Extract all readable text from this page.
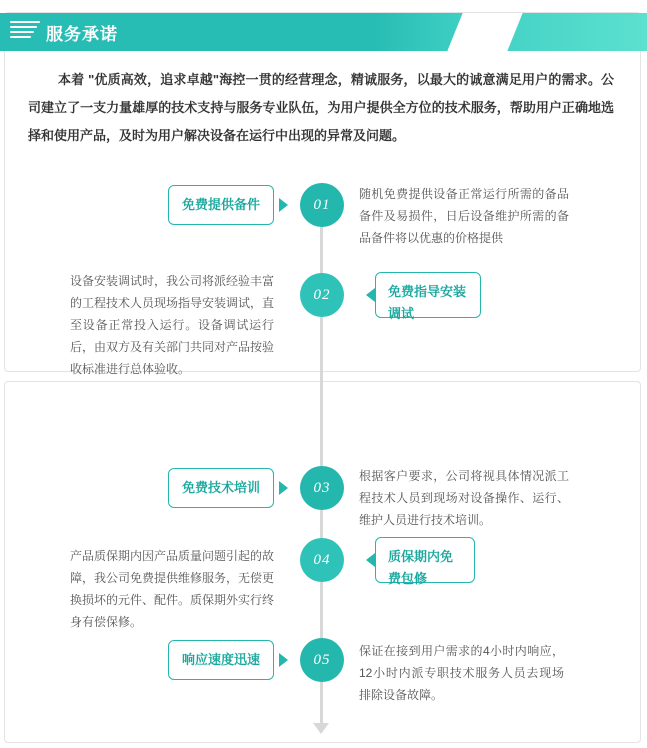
服务承诺
本着 "优质高效，追求卓越"海控一贯的经营理念，精诚服务，以最大的诚意满足用户的需求。公司建立了一支力量雄厚的技术支持与服务专业队伍，为用户提供全方位的技术服务，帮助用户正确地选择和使用产品，及时为用户解决设备在运行中出现的异常及问题。
免费提供备件	01
随机免费提供设备正常运行所需的备品备件及易损件，日后设备维护所需的备品备件将以优惠的价格提供
设备安装调试时，我公司将派经验丰富的工程技术人员现场指导安装调试，直至设备正常投入运行。设备调试运行后，由双方及有关部门共同对产品按验收标准进行总体验收。
02	免费指导安装调试
免费技术培训	03
根据客户要求，公司将视具体情况派工程技术人员到现场对设备操作、运行、维护人员进行技术培训。
产品质保期内因产品质量问题引起的故障，我公司免费提供维修服务，无偿更换损坏的元件、配件。质保期外实行终身有偿保修。
04	质保期内免费包修
响应速度迅速	05
保证在接到用户需求的4小时内响应，12小时内派专职技术服务人员去现场排除设备故障。
